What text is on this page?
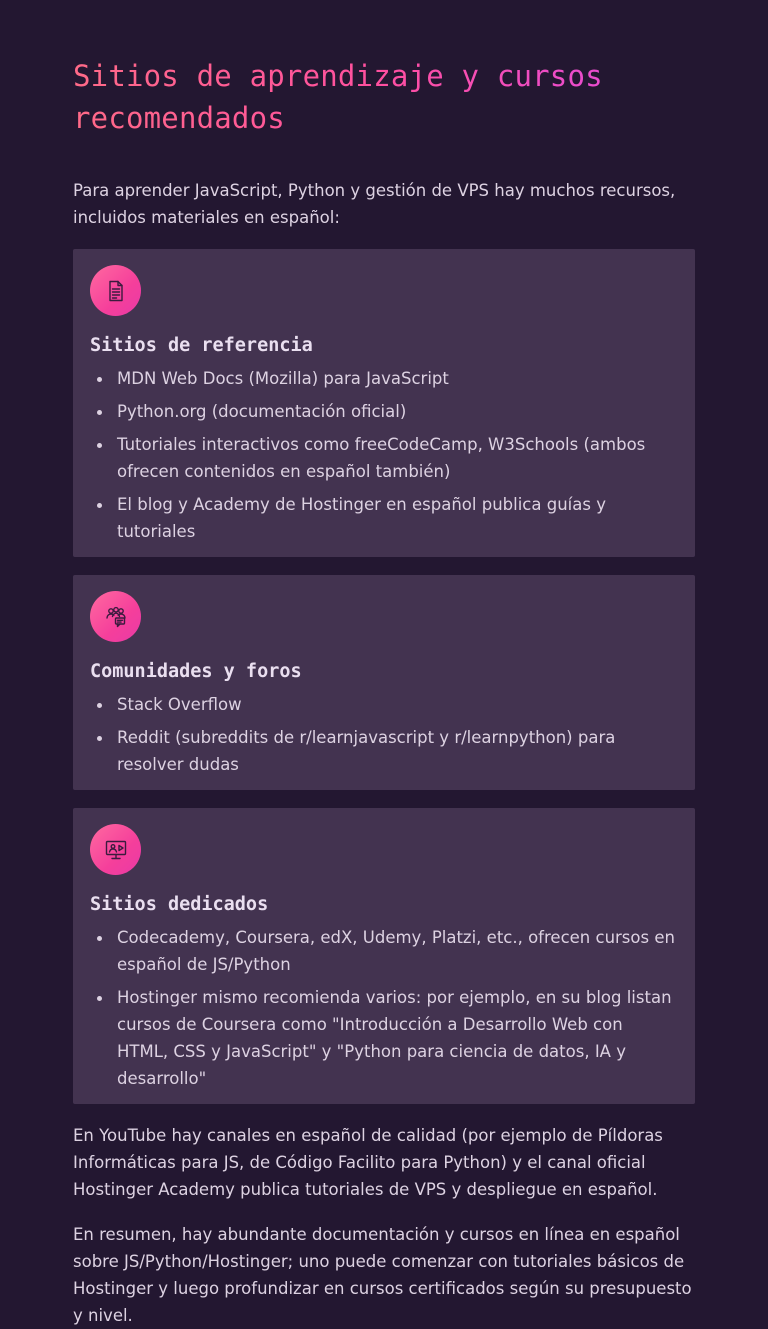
Sitios de aprendizaje y cursos recomendados

Para aprender JavaScript, Python y gestión de VPS hay muchos recursos, incluidos materiales en español:

Sitios de referencia
MDN Web Docs (Mozilla) para JavaScript
Python.org (documentación oficial)
Tutoriales interactivos como freeCodeCamp, W3Schools (ambos ofrecen contenidos en español también)
El blog y Academy de Hostinger en español publica guías y tutoriales
Comunidades y foros
Stack Overflow
Reddit (subreddits de r/learnjavascript y r/learnpython) para resolver dudas
Sitios dedicados
Codecademy, Coursera, edX, Udemy, Platzi, etc., ofrecen cursos en español de JS/Python
Hostinger mismo recomienda varios: por ejemplo, en su blog listan cursos de Coursera como "Introducción a Desarrollo Web con HTML, CSS y JavaScript" y "Python para ciencia de datos, IA y desarrollo"

En YouTube hay canales en español de calidad (por ejemplo de Píldoras Informáticas para JS, de Código Facilito para Python) y el canal oficial Hostinger Academy publica tutoriales de VPS y despliegue en español.

En resumen, hay abundante documentación y cursos en línea en español sobre JS/Python/Hostinger; uno puede comenzar con tutoriales básicos de Hostinger y luego profundizar en cursos certificados según su presupuesto y nivel.
